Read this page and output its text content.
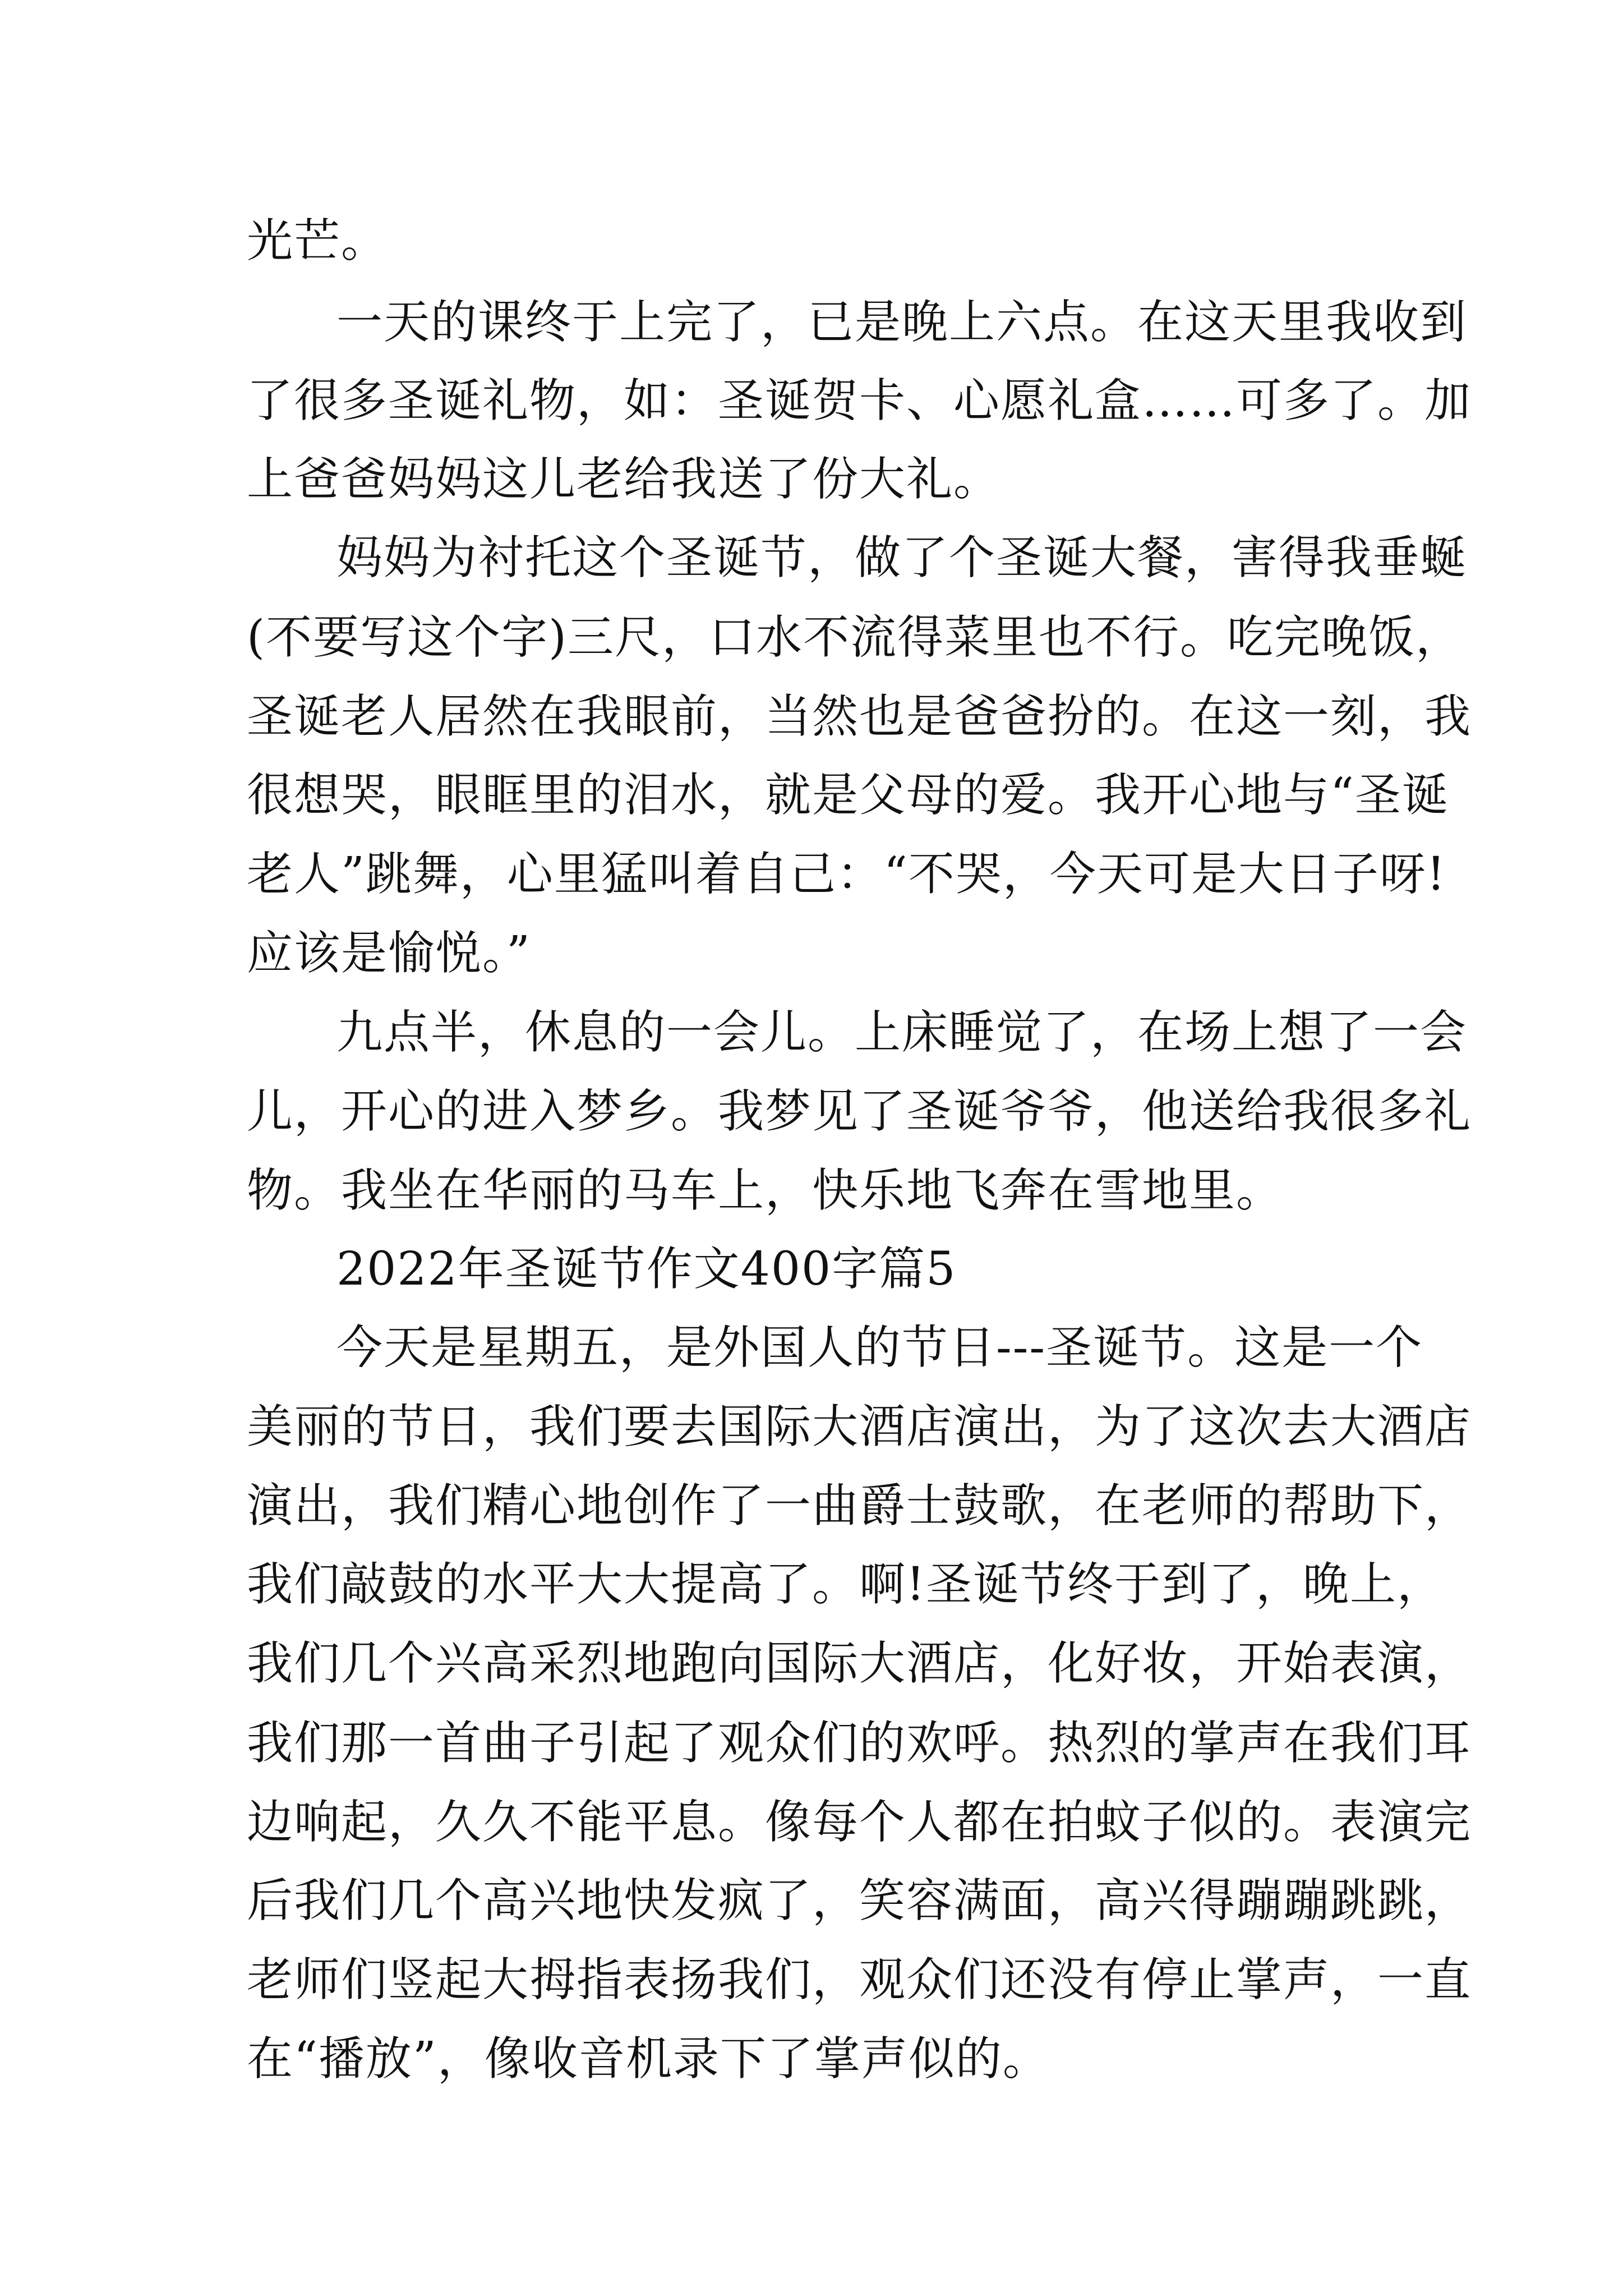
光芒。
一天的课终于上完了，已是晚上六点。在这天里我收到
了很多圣诞礼物，如：圣诞贺卡、心愿礼盒……可多了。加
上爸爸妈妈这儿老给我送了份大礼。
妈妈为衬托这个圣诞节，做了个圣诞大餐，害得我垂蜒
(不要写这个字)三尺，口水不流得菜里也不行。吃完晚饭，
圣诞老人居然在我眼前，当然也是爸爸扮的。在这一刻，我
很想哭，眼眶里的泪水，就是父母的爱。我开心地与“圣诞
老人”跳舞，心里猛叫着自己：“不哭，今天可是大日子呀!
应该是愉悦。”
九点半，休息的一会儿。上床睡觉了，在场上想了一会
儿，开心的进入梦乡。我梦见了圣诞爷爷，他送给我很多礼
物。我坐在华丽的马车上，快乐地飞奔在雪地里。
2022年圣诞节作文400字篇5
今天是星期五，是外国人的节日---圣诞节。这是一个
美丽的节日，我们要去国际大酒店演出，为了这次去大酒店
演出，我们精心地创作了一曲爵士鼓歌，在老师的帮助下，
我们敲鼓的水平大大提高了。啊!圣诞节终于到了，晚上，
我们几个兴高采烈地跑向国际大酒店，化好妆，开始表演，
我们那一首曲子引起了观众们的欢呼。热烈的掌声在我们耳
边响起，久久不能平息。像每个人都在拍蚊子似的。表演完
后我们几个高兴地快发疯了，笑容满面，高兴得蹦蹦跳跳，
老师们竖起大拇指表扬我们，观众们还没有停止掌声，一直
在“播放”，像收音机录下了掌声似的。
